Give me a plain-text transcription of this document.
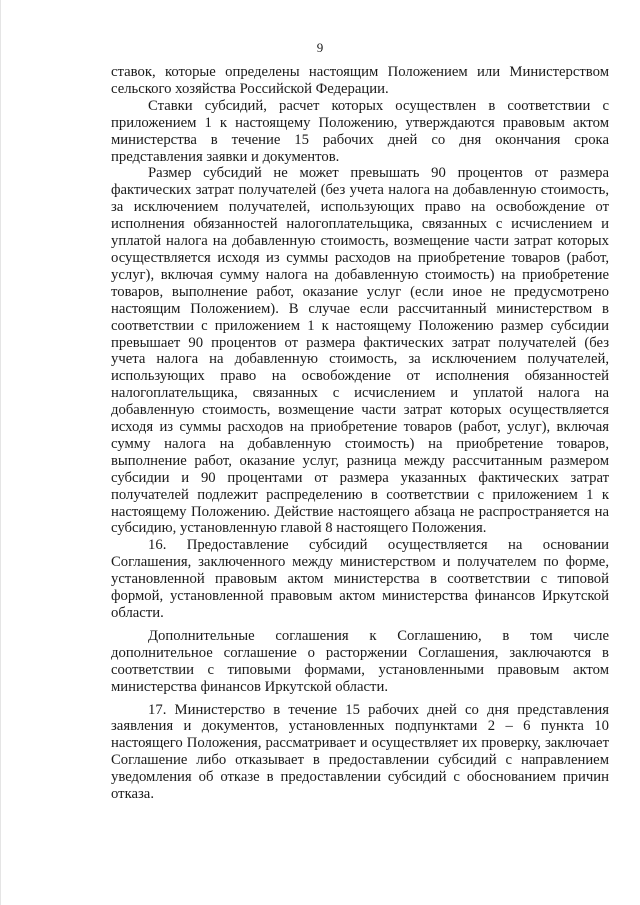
9

ставок, которые определены настоящим Положением или Министерством сельского хозяйства Российской Федерации.

Ставки субсидий, расчет которых осуществлен в соответствии с приложением 1 к настоящему Положению, утверждаются правовым актом министерства в течение 15 рабочих дней со дня окончания срока представления заявки и документов.

Размер субсидий не может превышать 90 процентов от размера фактических затрат получателей (без учета налога на добавленную стоимость, за исключением получателей, использующих право на освобождение от исполнения обязанностей налогоплательщика, связанных с исчислением и уплатой налога на добавленную стоимость, возмещение части затрат которых осуществляется исходя из суммы расходов на приобретение товаров (работ, услуг), включая сумму налога на добавленную стоимость) на приобретение товаров, выполнение работ, оказание услуг (если иное не предусмотрено настоящим Положением). В случае если рассчитанный министерством в соответствии с приложением 1 к настоящему Положению размер субсидии превышает 90 процентов от размера фактических затрат получателей (без учета налога на добавленную стоимость, за исключением получателей, использующих право на освобождение от исполнения обязанностей налогоплательщика, связанных с исчислением и уплатой налога на добавленную стоимость, возмещение части затрат которых осуществляется исходя из суммы расходов на приобретение товаров (работ, услуг), включая сумму налога на добавленную стоимость) на приобретение товаров, выполнение работ, оказание услуг, разница между рассчитанным размером субсидии и 90 процентами от размера указанных фактических затрат получателей подлежит распределению в соответствии с приложением 1 к настоящему Положению. Действие настоящего абзаца не распространяется на субсидию, установленную главой 8 настоящего Положения.

16. Предоставление субсидий осуществляется на основании Соглашения, заключенного между министерством и получателем по форме, установленной правовым актом министерства в соответствии с типовой формой, установленной правовым актом министерства финансов Иркутской области.

Дополнительные соглашения к Соглашению, в том числе дополнительное соглашение о расторжении Соглашения, заключаются в соответствии с типовыми формами, установленными правовым актом министерства финансов Иркутской области.

17. Министерство в течение 15 рабочих дней со дня представления заявления и документов, установленных подпунктами 2 – 6 пункта 10 настоящего Положения, рассматривает и осуществляет их проверку, заключает Соглашение либо отказывает в предоставлении субсидий с направлением уведомления об отказе в предоставлении субсидий с обоснованием причин отказа.
